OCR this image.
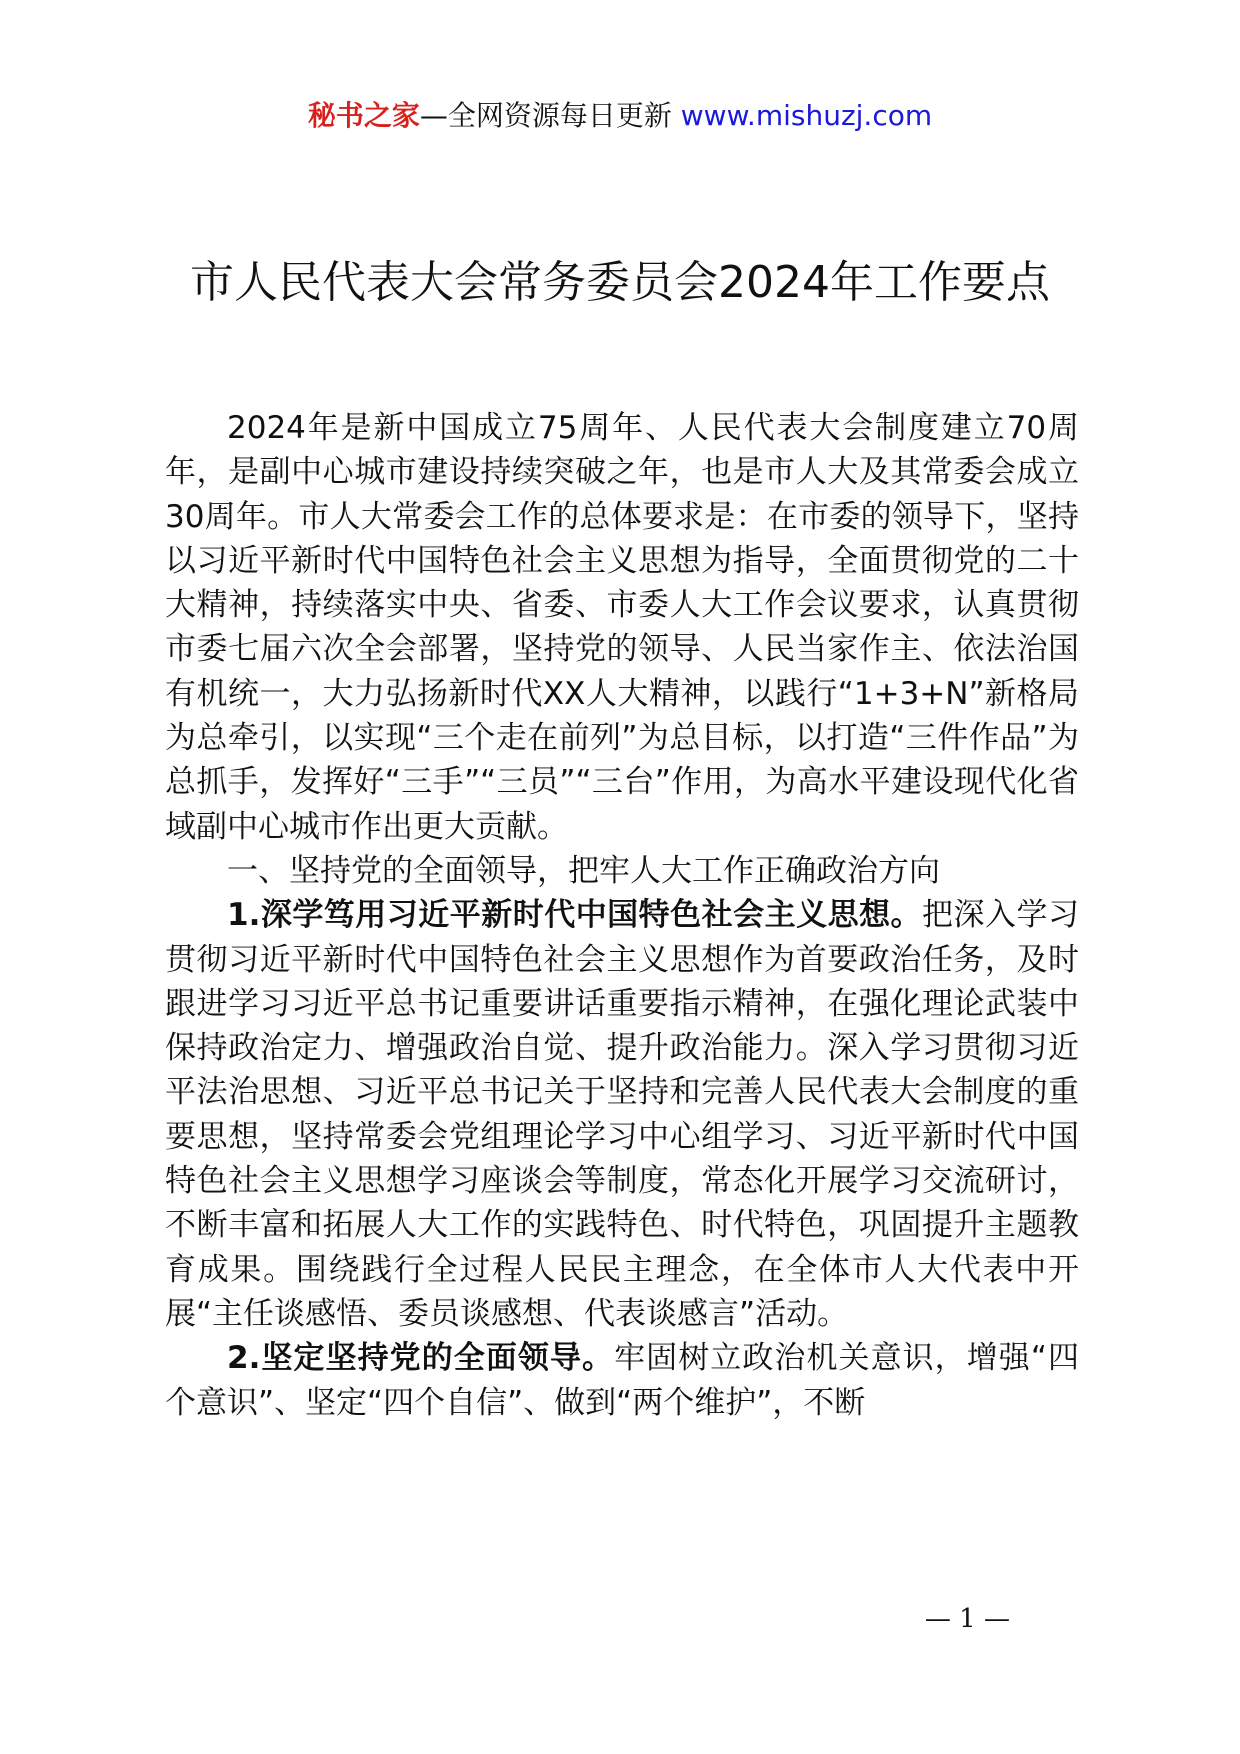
秘书之家—全网资源每日更新 www.mishuzj.com
市人民代表大会常务委员会2024年工作要点

2024年是新中国成立75周年、人民代表大会制度建立70周年，是副中心城市建设持续突破之年，也是市人大及其常委会成立30周年。市人大常委会工作的总体要求是：在市委的领导下，坚持以习近平新时代中国特色社会主义思想为指导，全面贯彻党的二十大精神，持续落实中央、省委、市委人大工作会议要求，认真贯彻市委七届六次全会部署，坚持党的领导、人民当家作主、依法治国有机统一，大力弘扬新时代XX人大精神，以践行“1+3+N”新格局为总牵引，以实现“三个走在前列”为总目标，以打造“三件作品”为总抓手，发挥好“三手”“三员”“三台”作用，为高水平建设现代化省域副中心城市作出更大贡献。

一、坚持党的全面领导，把牢人大工作正确政治方向

1.深学笃用习近平新时代中国特色社会主义思想。把深入学习贯彻习近平新时代中国特色社会主义思想作为首要政治任务，及时跟进学习习近平总书记重要讲话重要指示精神，在强化理论武装中保持政治定力、增强政治自觉、提升政治能力。深入学习贯彻习近平法治思想、习近平总书记关于坚持和完善人民代表大会制度的重要思想，坚持常委会党组理论学习中心组学习、习近平新时代中国特色社会主义思想学习座谈会等制度，常态化开展学习交流研讨，不断丰富和拓展人大工作的实践特色、时代特色，巩固提升主题教育成果。围绕践行全过程人民民主理念，在全体市人大代表中开展“主任谈感悟、委员谈感想、代表谈感言”活动。

2.坚定坚持党的全面领导。牢固树立政治机关意识，增强“四个意识”、坚定“四个自信”、做到“两个维护”，不断

— 1 —
